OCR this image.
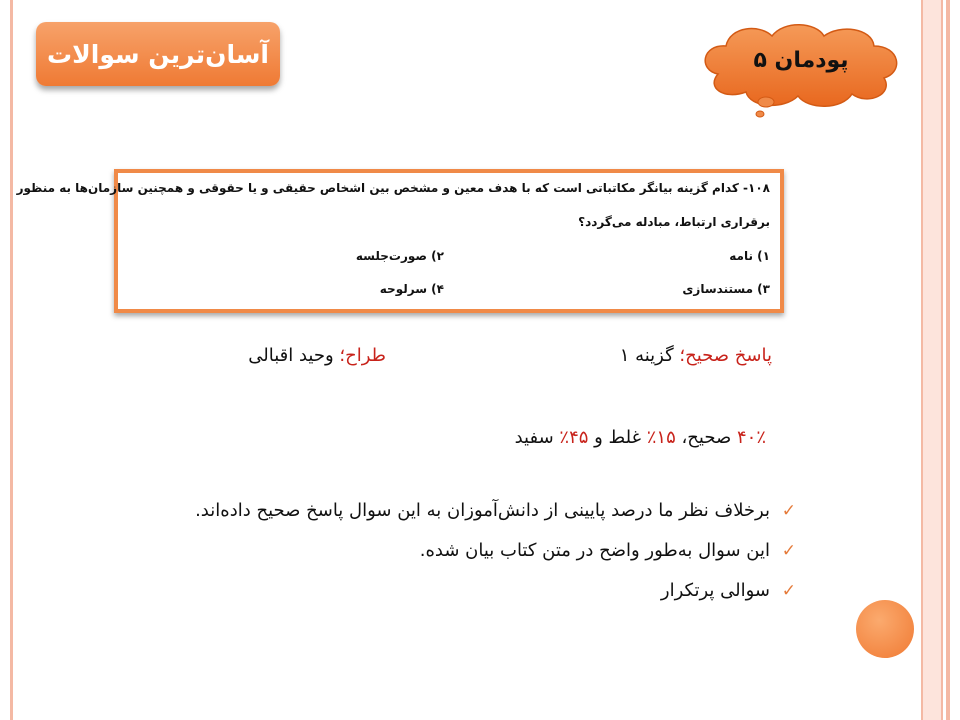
آسان‌ترین سوالات	پودمان ۵
۱۰۸- کدام گزینه بیانگر مکاتباتی است که با هدف معین و مشخص بین اشخاص حقیقی و یا حقوقی و همچنین سازمان‌ها به منظور
برقراری ارتباط، مبادله می‌گردد؟
۱) نامه
۲) صورت‌جلسه
۳) مستندسازی
۴) سرلوحه
پاسخ صحیح؛ گزینه ۱
طراح؛ وحید اقبالی
۴۰٪ صحیح، ۱۵٪ غلط و ۴۵٪ سفید
✓
برخلاف نظر ما درصد پایینی از دانش‌آموزان به این سوال پاسخ صحیح داده‌اند.
✓
این سوال به‌طور واضح در متن کتاب بیان شده.
✓
سوالی پرتکرار
